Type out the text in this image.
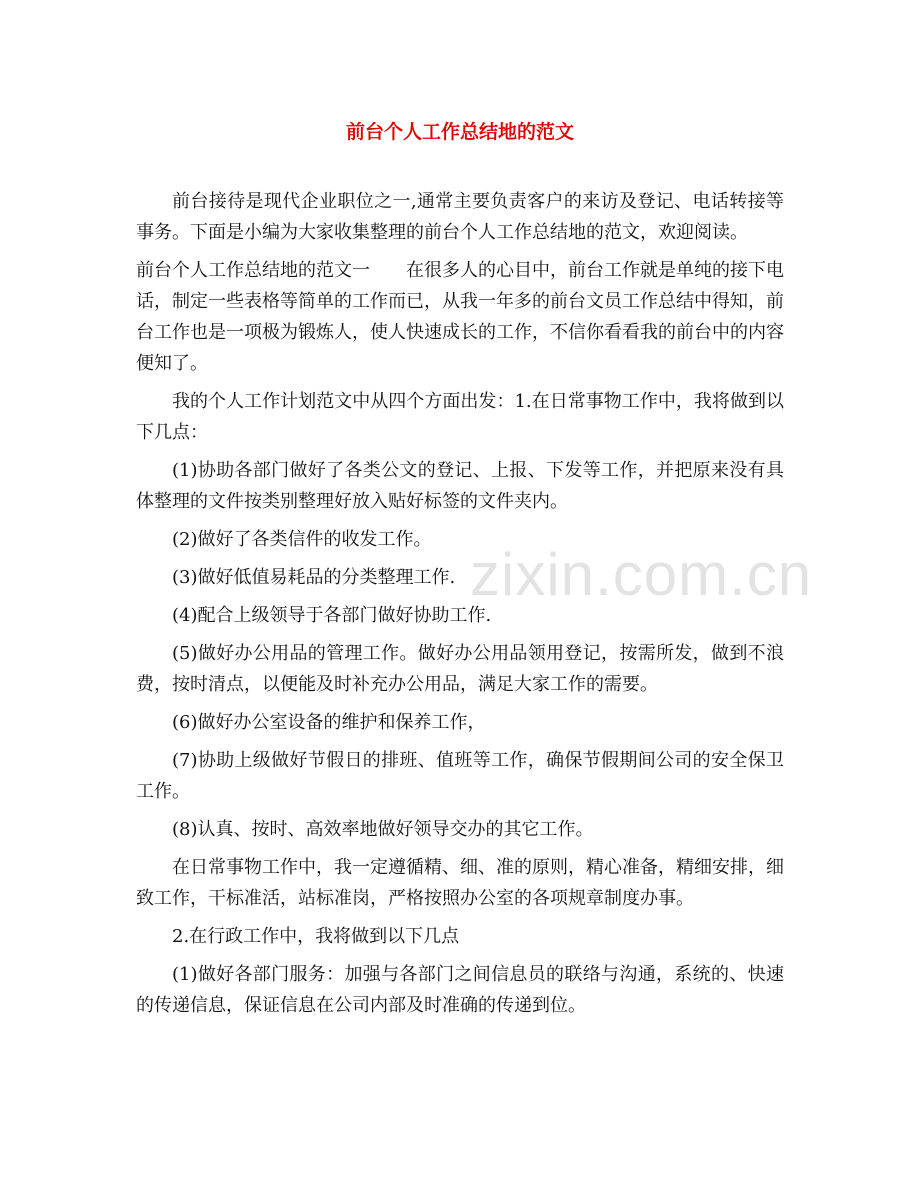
前台个人工作总结地的范文

前台接待是现代企业职位之一,通常主要负责客户的来访及登记、电话转接等事务。下面是小编为大家收集整理的前台个人工作总结地的范文，欢迎阅读。

前台个人工作总结地的范文一　　在很多人的心目中，前台工作就是单纯的接下电话，制定一些表格等简单的工作而已，从我一年多的前台文员工作总结中得知，前台工作也是一项极为锻炼人，使人快速成长的工作，不信你看看我的前台中的内容便知了。

我的个人工作计划范文中从四个方面出发：1.在日常事物工作中，我将做到以下几点：

(1)协助各部门做好了各类公文的登记、上报、下发等工作，并把原来没有具体整理的文件按类别整理好放入贴好标签的文件夹内。

(2)做好了各类信件的收发工作。

(3)做好低值易耗品的分类整理工作.

(4)配合上级领导于各部门做好协助工作.

(5)做好办公用品的管理工作。做好办公用品领用登记，按需所发，做到不浪费，按时清点，以便能及时补充办公用品，满足大家工作的需要。

(6)做好办公室设备的维护和保养工作，

(7)协助上级做好节假日的排班、值班等工作，确保节假期间公司的安全保卫工作。

(8)认真、按时、高效率地做好领导交办的其它工作。

在日常事物工作中，我一定遵循精、细、准的原则，精心准备，精细安排，细致工作，干标准活，站标准岗，严格按照办公室的各项规章制度办事。

2.在行政工作中，我将做到以下几点

(1)做好各部门服务：加强与各部门之间信息员的联络与沟通，系统的、快速的传递信息，保证信息在公司内部及时准确的传递到位。

zixin.com.cn
